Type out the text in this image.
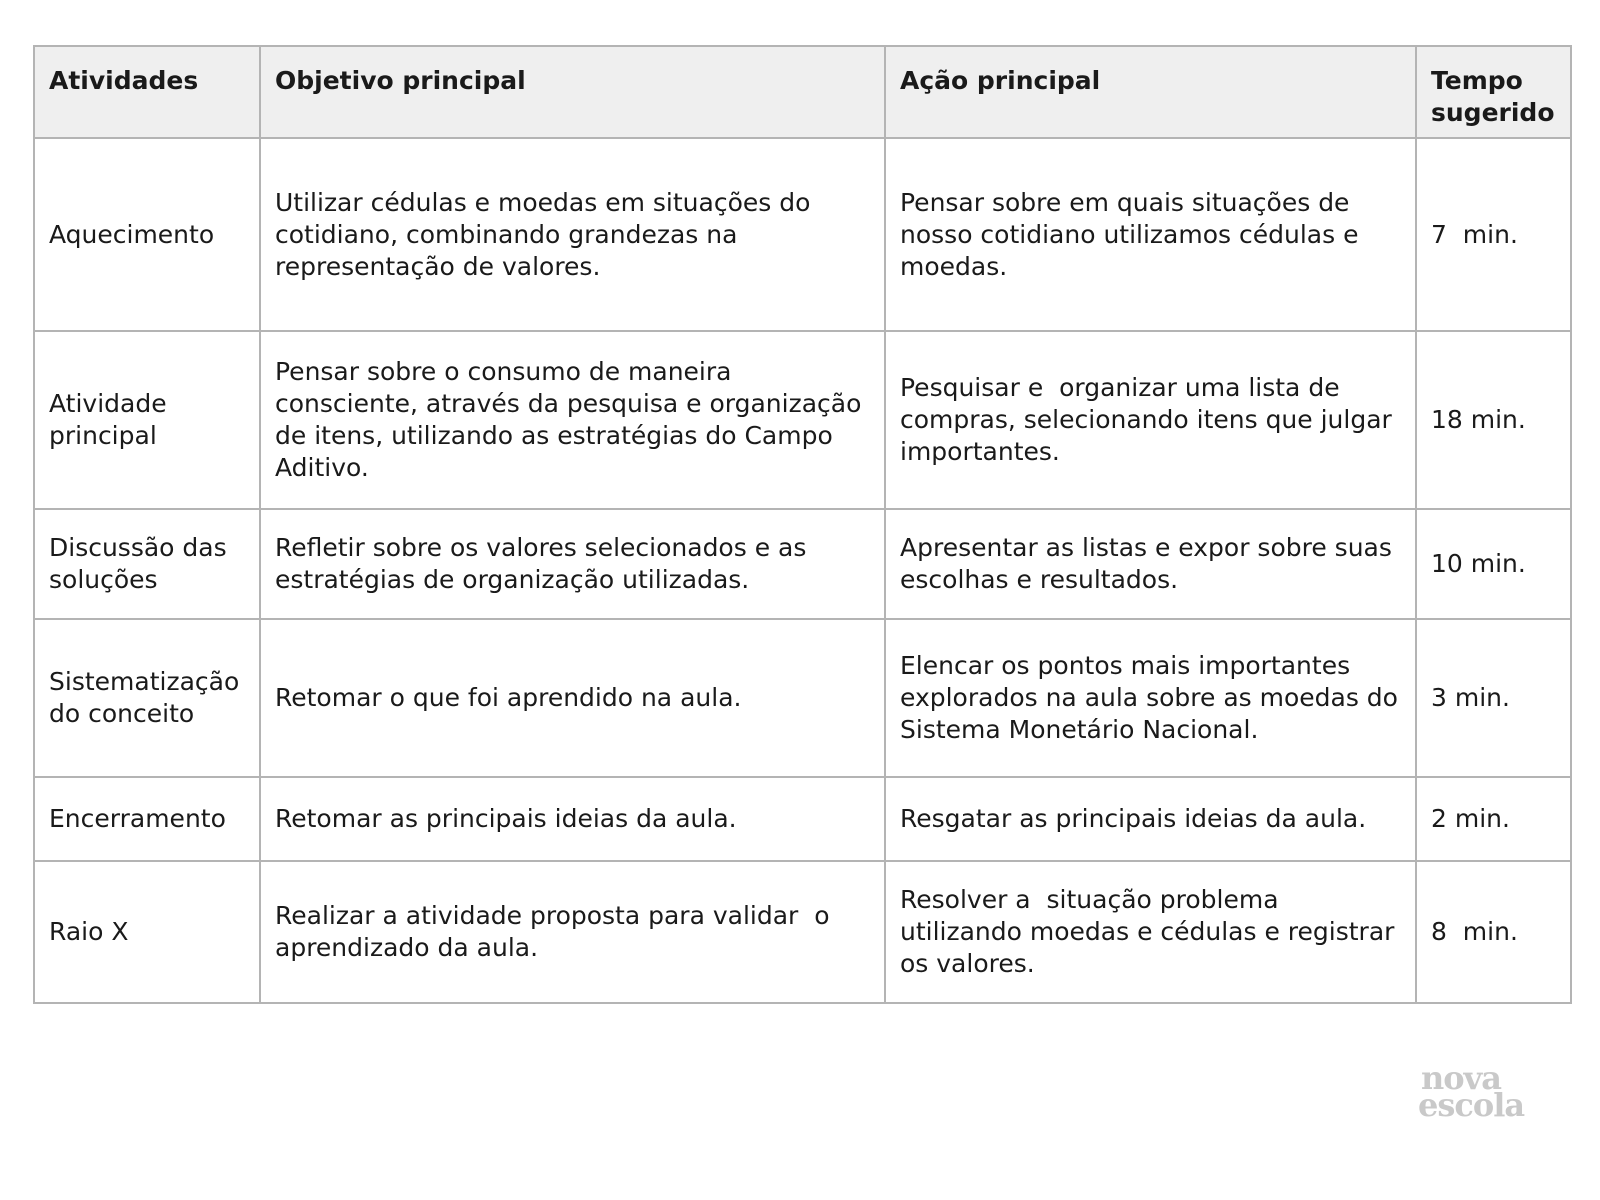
Atividades	Objetivo principal	Ação principal	Tempo sugerido
Aquecimento	Utilizar cédulas e moedas em situações do cotidiano, combinando grandezas na representação de valores.	Pensar sobre em quais situações de nosso cotidiano utilizamos cédulas e moedas.	7  min.
Atividade principal	Pensar sobre o consumo de maneira consciente, através da pesquisa e organização de itens, utilizando as estratégias do Campo Aditivo.	Pesquisar e  organizar uma lista de compras, selecionando itens que julgar importantes.	18 min.
Discussão das soluções	Refletir sobre os valores selecionados e as estratégias de organização utilizadas.	Apresentar as listas e expor sobre suas escolhas e resultados.	10 min.
Sistematização do conceito	Retomar o que foi aprendido na aula.	Elencar os pontos mais importantes explorados na aula sobre as moedas do Sistema Monetário Nacional.	3 min.
Encerramento	Retomar as principais ideias da aula.	Resgatar as principais ideias da aula.	2 min.
Raio X	Realizar a atividade proposta para validar  o aprendizado da aula.	Resolver a  situação problema utilizando moedas e cédulas e registrar os valores.	8  min.
nova
escola
